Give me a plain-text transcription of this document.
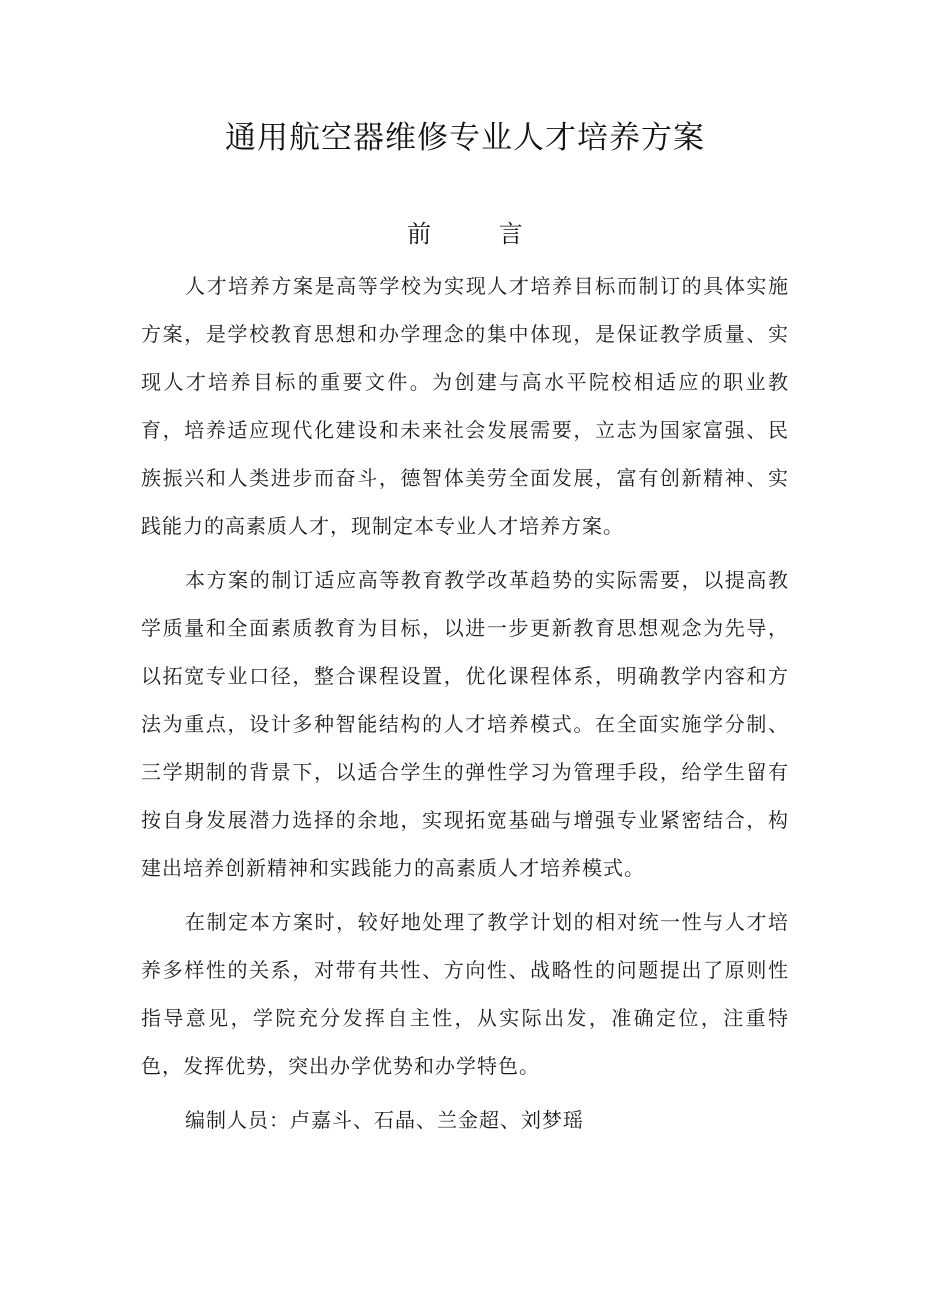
通用航空器维修专业人才培养方案
前 言

人才培养方案是高等学校为实现人才培养目标而制订的具体实施方案，是学校教育思想和办学理念的集中体现，是保证教学质量、实现人才培养目标的重要文件。为创建与高水平院校相适应的职业教育，培养适应现代化建设和未来社会发展需要，立志为国家富强、民族振兴和人类进步而奋斗，德智体美劳全面发展，富有创新精神、实践能力的高素质人才，现制定本专业人才培养方案。

本方案的制订适应高等教育教学改革趋势的实际需要，以提高教学质量和全面素质教育为目标，以进一步更新教育思想观念为先导，以拓宽专业口径，整合课程设置，优化课程体系，明确教学内容和方法为重点，设计多种智能结构的人才培养模式。在全面实施学分制、三学期制的背景下，以适合学生的弹性学习为管理手段，给学生留有按自身发展潜力选择的余地，实现拓宽基础与增强专业紧密结合，构建出培养创新精神和实践能力的高素质人才培养模式。

在制定本方案时，较好地处理了教学计划的相对统一性与人才培养多样性的关系，对带有共性、方向性、战略性的问题提出了原则性指导意见，学院充分发挥自主性，从实际出发，准确定位，注重特色，发挥优势，突出办学优势和办学特色。

编制人员：卢嘉斗、石晶、兰金超、刘梦瑶
